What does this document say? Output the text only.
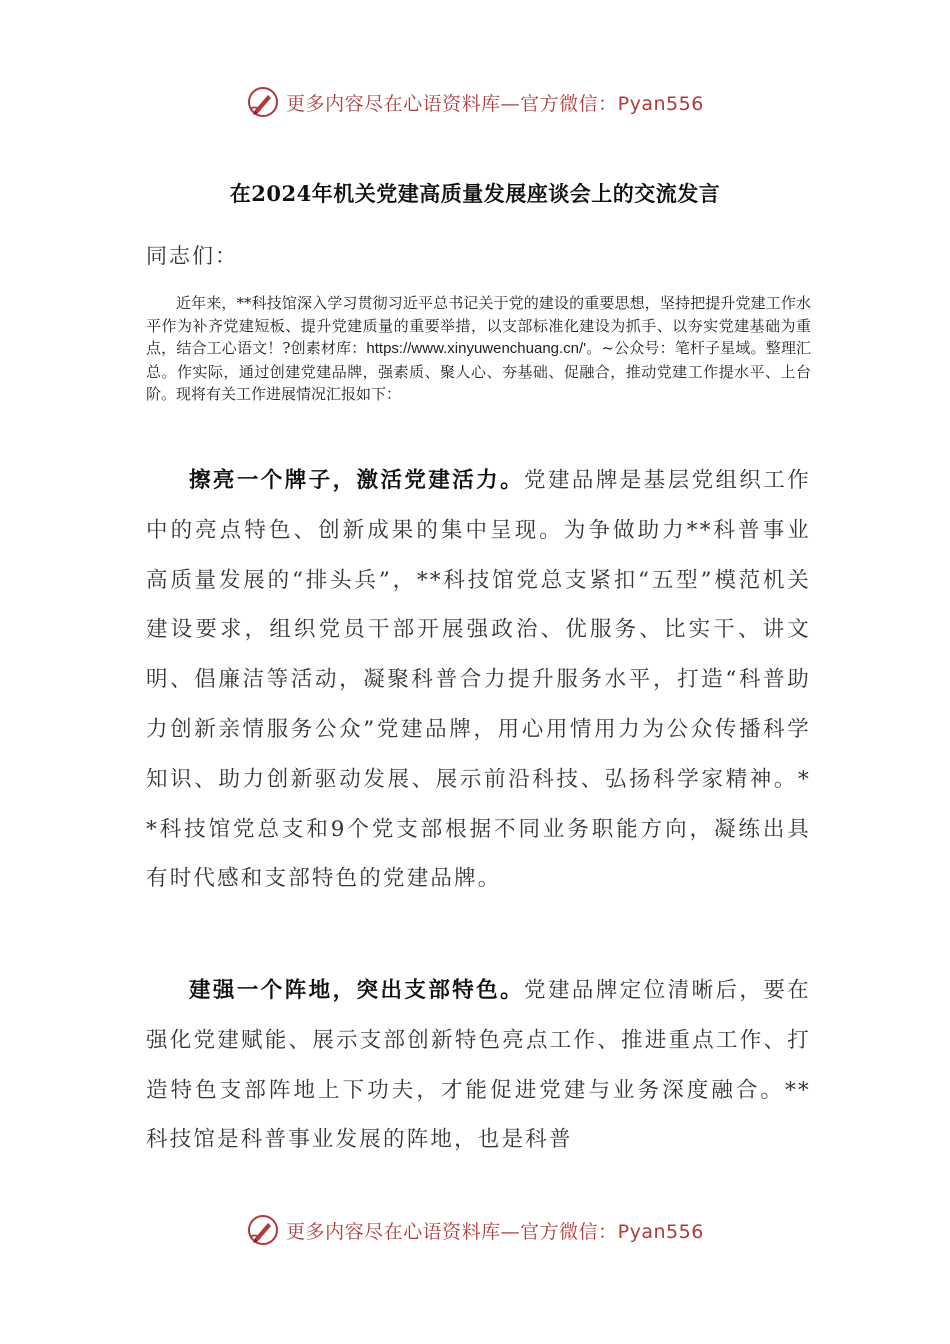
更多内容尽在心语资料库—官方微信：Pyan556
在2024年机关党建高质量发展座谈会上的交流发言
同志们：
近年来，**科技馆深入学习贯彻习近平总书记关于党的建设的重要思想，坚持把提升党建工作水平作为补齐党建短板、提升党建质量的重要举措，以支部标准化建设为抓手、以夯实党建基础为重点，结合工心语文！?创素材库：https://www.xinyuwenchuang.cn/'。~公众号：笔杆子星域。整理汇总。作实际，通过创建党建品牌，强素质、聚人心、夯基础、促融合，推动党建工作提水平、上台阶。现将有关工作进展情况汇报如下：
擦亮一个牌子，激活党建活力。党建品牌是基层党组织工作中的亮点特色、创新成果的集中呈现。为争做助力**科普事业高质量发展的“排头兵”，**科技馆党总支紧扣“五型”模范机关建设要求，组织党员干部开展强政治、优服务、比实干、讲文明、倡廉洁等活动，凝聚科普合力提升服务水平，打造“科普助力创新亲情服务公众”党建品牌，用心用情用力为公众传播科学知识、助力创新驱动发展、展示前沿科技、弘扬科学家精神。**科技馆党总支和9个党支部根据不同业务职能方向，凝练出具有时代感和支部特色的党建品牌。
建强一个阵地，突出支部特色。党建品牌定位清晰后，要在强化党建赋能、展示支部创新特色亮点工作、推进重点工作、打造特色支部阵地上下功夫，才能促进党建与业务深度融合。**科技馆是科普事业发展的阵地，也是科普
更多内容尽在心语资料库—官方微信：Pyan556
